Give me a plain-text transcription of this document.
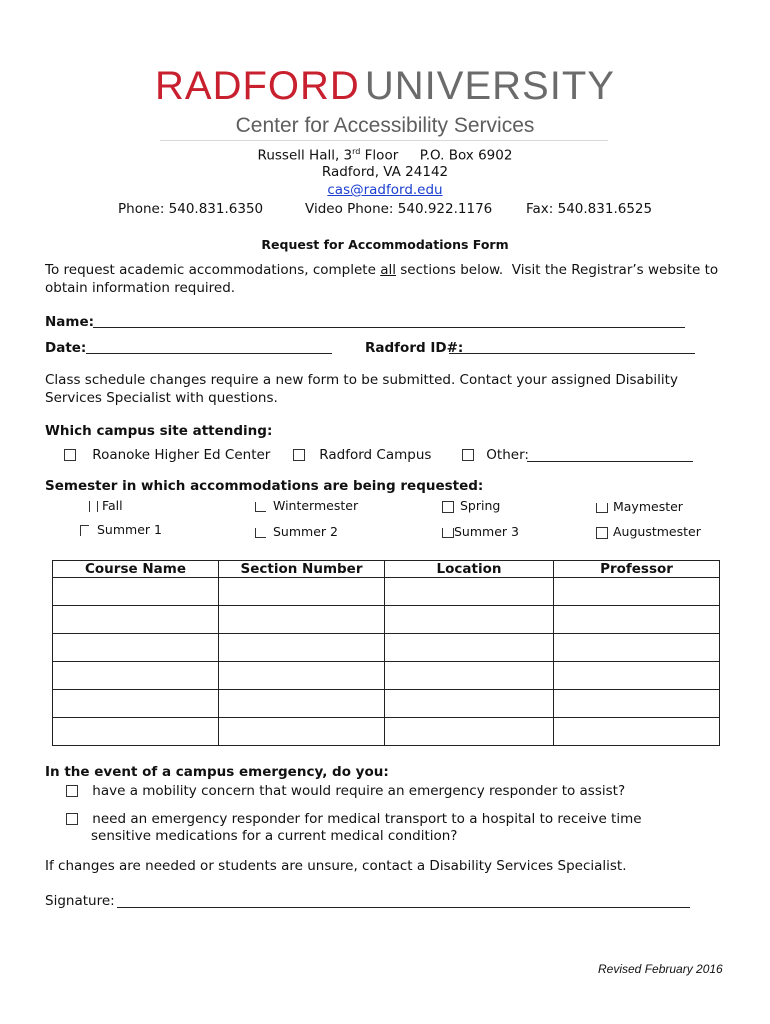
RADFORD UNIVERSITY
Center for Accessibility Services
Russell Hall, 3rd Floor     P.O. Box 6902
Radford, VA 24142
cas@radford.edu
Phone: 540.831.6350	Video Phone: 540.922.1176	Fax: 540.831.6525
Request for Accommodations Form
To request academic accommodations, complete all sections below.  Visit the Registrar’s website to
obtain information required.
Name:
Date:	Radford ID#:
Class schedule changes require a new form to be submitted. Contact your assigned Disability
Services Specialist with questions.
Which campus site attending:
Roanoke Higher Ed Center	Radford Campus	Other:
Semester in which accommodations are being requested:
Fall	Wintermester	Spring	Maymester
Summer 1	Summer 2	Summer 3	Augustmester
Course Name	Section Number	Location	Professor

In the event of a campus emergency, do you:
have a mobility concern that would require an emergency responder to assist?
need an emergency responder for medical transport to a hospital to receive time
sensitive medications for a current medical condition?
If changes are needed or students are unsure, contact a Disability Services Specialist.
Signature:
Revised February 2016
